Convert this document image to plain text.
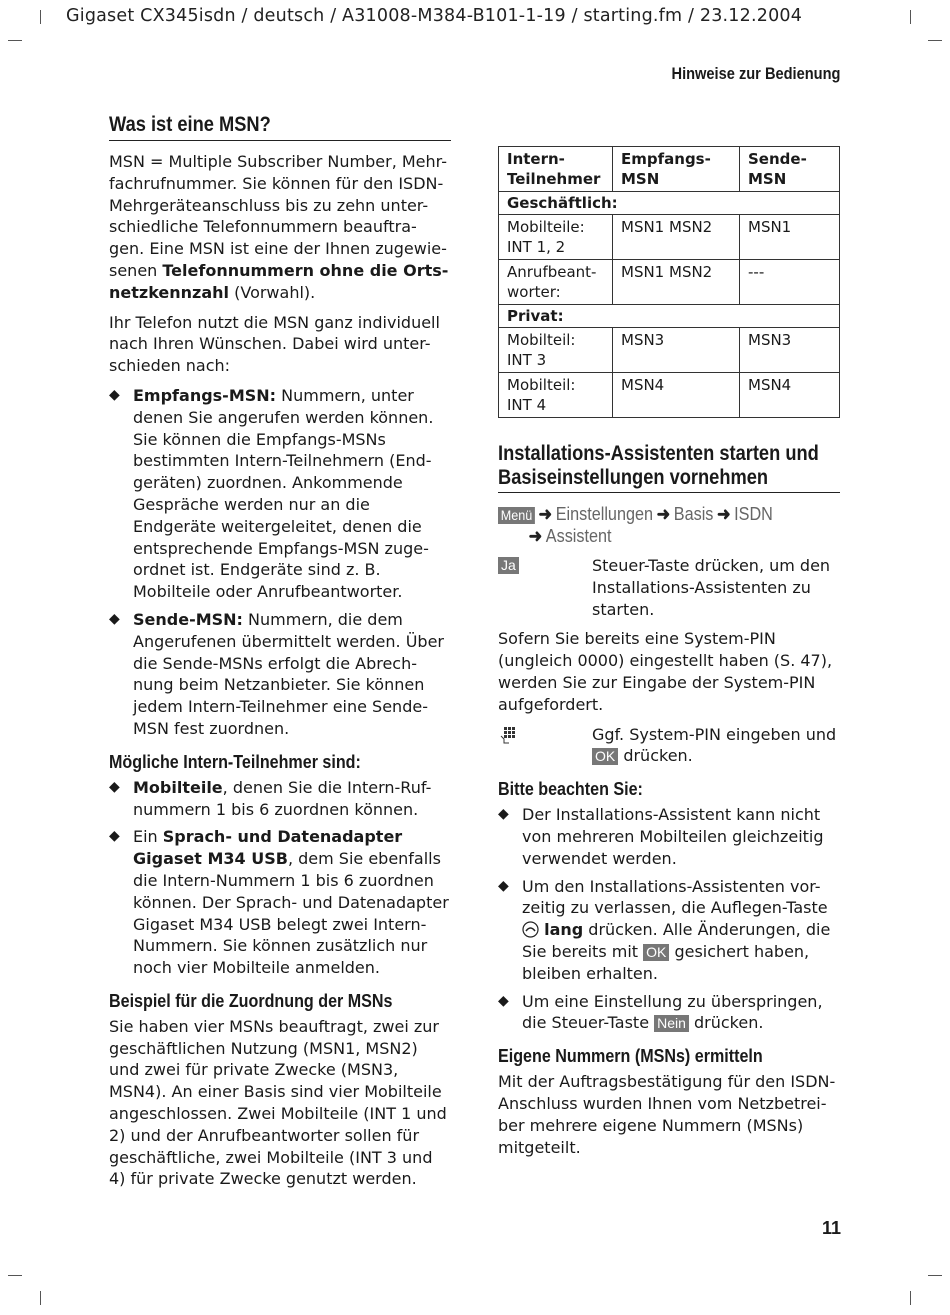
Gigaset CX345isdn / deutsch / A31008-M384-B101-1-19 / starting.fm / 23.12.2004
Hinweise zur Bedienung
Was ist eine MSN?

MSN = Multiple Subscriber Number, Mehr-fachrufnummer. Sie können für den ISDN-Mehrgeräteanschluss bis zu zehn unter-schiedliche Telefonnummern beauftra-gen. Eine MSN ist eine der Ihnen zugewie-senen Telefonnummern ohne die Orts-netzkennzahl (Vorwahl).

Ihr Telefon nutzt die MSN ganz individuell nach Ihren Wünschen. Dabei wird unter-schieden nach:

◆ Empfangs-MSN: Nummern, unter denen Sie angerufen werden können. Sie können die Empfangs-MSNs bestimmten Intern-Teilnehmern (End-geräten) zuordnen. Ankommende Gespräche werden nur an die Endgeräte weitergeleitet, denen die entsprechende Empfangs-MSN zuge-ordnet ist. Endgeräte sind z. B. Mobilteile oder Anrufbeantworter.
◆ Sende-MSN: Nummern, die dem Angerufenen übermittelt werden. Über die Sende-MSNs erfolgt die Abrech-nung beim Netzanbieter. Sie können jedem Intern-Teilnehmer eine Sende-MSN fest zuordnen.
Mögliche Intern-Teilnehmer sind:
◆ Mobilteile, denen Sie die Intern-Ruf-nummern 1 bis 6 zuordnen können.
◆ Ein Sprach- und Datenadapter Gigaset M34 USB, dem Sie ebenfalls die Intern-Nummern 1 bis 6 zuordnen können. Der Sprach- und Datenadapter Gigaset M34 USB belegt zwei Intern-Nummern. Sie können zusätzlich nur noch vier Mobilteile anmelden.
Beispiel für die Zuordnung der MSNs

Sie haben vier MSNs beauftragt, zwei zur geschäftlichen Nutzung (MSN1, MSN2) und zwei für private Zwecke (MSN3, MSN4). An einer Basis sind vier Mobilteile angeschlossen. Zwei Mobilteile (INT 1 und 2) und der Anrufbeantworter sollen für geschäftliche, zwei Mobilteile (INT 3 und 4) für private Zwecke genutzt werden.

Intern-Teilnehmer	Empfangs-MSN	Sende-MSN
Geschäftlich:		
Mobilteile: INT 1, 2	MSN1 MSN2	MSN1
Anrufbeant-worter:	MSN1 MSN2	---
Privat:		
Mobilteil: INT 3	MSN3	MSN3
Mobilteil: INT 4	MSN4	MSN4
Installations-Assistenten starten und
Basiseinstellungen vornehmen
Menü ➜ Einstellungen ➜ Basis ➜ ISDN
➜ Assistent
Ja	Steuer-Taste drücken, um den Installations-Assistenten zu starten.

Sofern Sie bereits eine System-PIN (ungleich 0000) eingestellt haben (S. 47), werden Sie zur Eingabe der System-PIN aufgefordert.

Ggf. System-PIN eingeben und
OK drücken.
Bitte beachten Sie:
◆ Der Installations-Assistent kann nicht von mehreren Mobilteilen gleichzeitig verwendet werden.
◆ Um den Installations-Assistenten vor-zeitig zu verlassen, die Auflegen-Taste  lang drücken. Alle Änderungen, die Sie bereits mit OK gesichert haben, bleiben erhalten.
◆ Um eine Einstellung zu überspringen, die Steuer-Taste Nein drücken.
Eigene Nummern (MSNs) ermitteln

Mit der Auftragsbestätigung für den ISDN-Anschluss wurden Ihnen vom Netzbetrei-ber mehrere eigene Nummern (MSNs) mitgeteilt.

11
